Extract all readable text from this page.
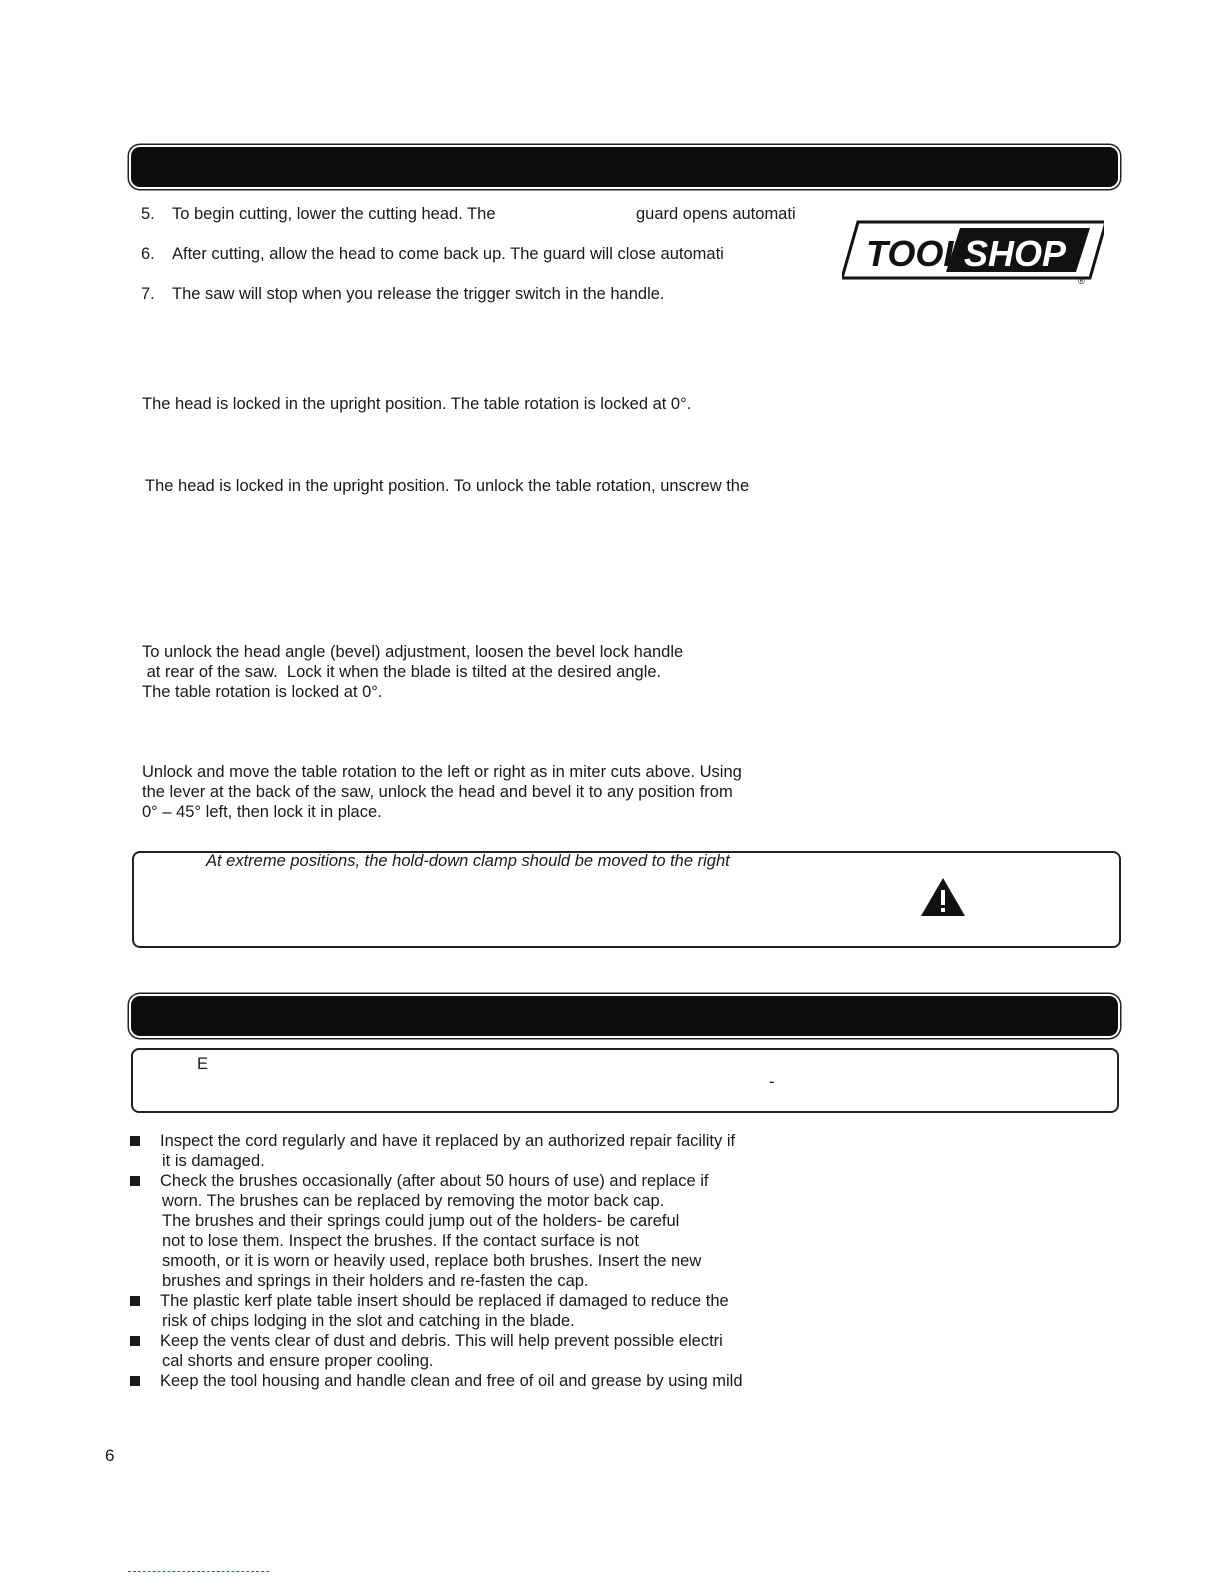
5. To begin cutting, lower the cutting head. The	guard opens automati
6. After cutting, allow the head to come back up. The guard will close automati
7. The saw will stop when you release the trigger switch in the handle.
TOOL
SHOP
®
The head is locked in the upright position. The table rotation is locked at 0°.
The head is locked in the upright position. To unlock the table rotation, unscrew the
To unlock the head angle (bevel) adjustment, loosen the bevel lock handle
at rear of the saw.  Lock it when the blade is tilted at the desired angle.
The table rotation is locked at 0°.
Unlock and move the table rotation to the left or right as in miter cuts above. Using
the lever at the back of the saw, unlock the head and bevel it to any position from
0° – 45° left, then lock it in place.
At extreme positions, the hold-down clamp should be moved to the right
E
-
Inspect the cord regularly and have it replaced by an authorized repair facility if
it is damaged.
Check the brushes occasionally (after about 50 hours of use) and replace if
worn. The brushes can be replaced by removing the motor back cap.
The brushes and their springs could jump out of the holders- be careful
not to lose them. Inspect the brushes. If the contact surface is not
smooth, or it is worn or heavily used, replace both brushes. Insert the new
brushes and springs in their holders and re-fasten the cap.
The plastic kerf plate table insert should be replaced if damaged to reduce the
risk of chips lodging in the slot and catching in the blade.
Keep the vents clear of dust and debris. This will help prevent possible electri
cal shorts and ensure proper cooling.
Keep the tool housing and handle clean and free of oil and grease by using mild
6
